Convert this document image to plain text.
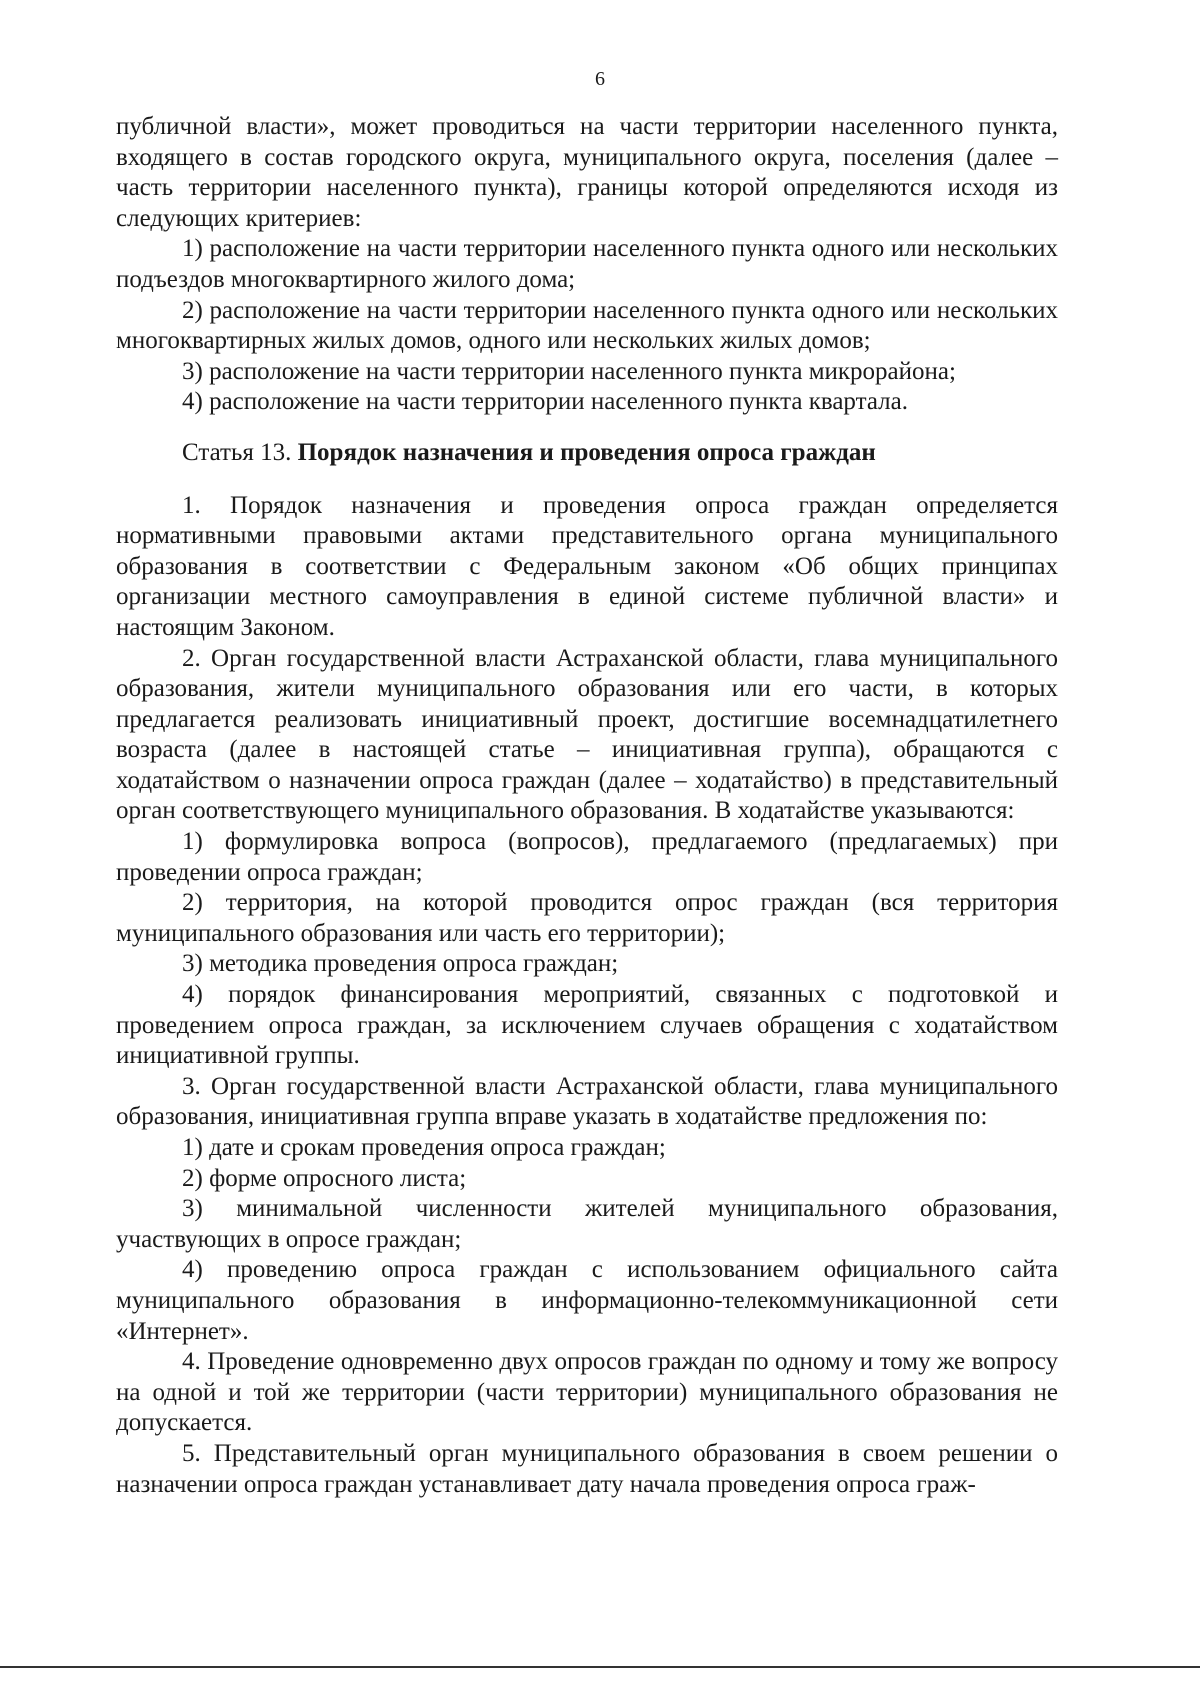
6

публичной власти», может проводиться на части территории населенного пункта, входящего в состав городского округа, муниципального округа, поселения (далее – часть территории населенного пункта), границы которой определяются исходя из следующих критериев:

1) расположение на части территории населенного пункта одного или нескольких подъездов многоквартирного жилого дома;

2) расположение на части территории населенного пункта одного или нескольких многоквартирных жилых домов, одного или нескольких жилых домов;

3) расположение на части территории населенного пункта микрорайона;

4) расположение на части территории населенного пункта квартала.

Статья 13. Порядок назначения и проведения опроса граждан

1. Порядок назначения и проведения опроса граждан определяется нормативными правовыми актами представительного органа муниципального образования в соответствии с Федеральным законом «Об общих принципах организации местного самоуправления в единой системе публичной власти» и настоящим Законом.

2. Орган государственной власти Астраханской области, глава муниципального образования, жители муниципального образования или его части, в которых предлагается реализовать инициативный проект, достигшие восемнадцатилетнего возраста (далее в настоящей статье – инициативная группа), обращаются с ходатайством о назначении опроса граждан (далее – ходатайство) в представительный орган соответствующего муниципального образования. В ходатайстве указываются:

1) формулировка вопроса (вопросов), предлагаемого (предлагаемых) при проведении опроса граждан;

2) территория, на которой проводится опрос граждан (вся территория муниципального образования или часть его территории);

3) методика проведения опроса граждан;

4) порядок финансирования мероприятий, связанных с подготовкой и проведением опроса граждан, за исключением случаев обращения с ходатайством инициативной группы.

3. Орган государственной власти Астраханской области, глава муниципального образования, инициативная группа вправе указать в ходатайстве предложения по:

1) дате и срокам проведения опроса граждан;

2) форме опросного листа;

3) минимальной численности жителей муниципального образования, участвующих в опросе граждан;

4) проведению опроса граждан с использованием официального сайта муниципального образования в информационно-телекоммуникационной сети «Интернет».

4. Проведение одновременно двух опросов граждан по одному и тому же вопросу на одной и той же территории (части территории) муниципального образования не допускается.

5. Представительный орган муниципального образования в своем решении о назначении опроса граждан устанавливает дату начала проведения опроса граж-
